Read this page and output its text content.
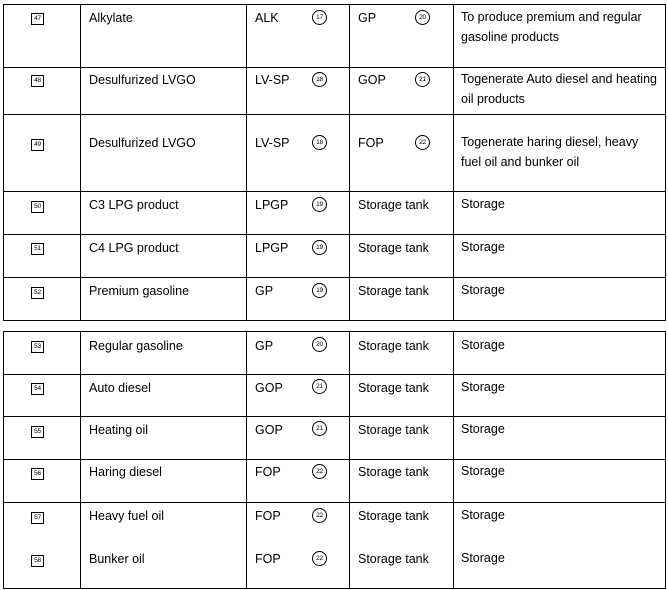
47	Alkylate	ALK 17	GP 20	To produce premium and regular gasoline products

48	Desulfurized LVGO	LV-SP 18	GOP 21	Togenerate Auto diesel and heating oil products

49	Desulfurized LVGO	LV-SP 18	FOP 22	Togenerate haring diesel, heavy fuel oil and bunker oil

50	C3 LPG product	LPGP 19	Storage tank	Storage

51	C4 LPG product	LPGP 19	Storage tank	Storage

52	Premium gasoline	GP 19	Storage tank	Storage
53	Regular gasoline	GP 20	Storage tank	Storage

54	Auto diesel	GOP 21	Storage tank	Storage

55	Heating oil	GOP 21	Storage tank	Storage

56	Haring diesel	FOP 22	Storage tank	Storage

57	Heavy fuel oil	FOP 22	Storage tank	Storage

58	Bunker oil	FOP 22	Storage tank	Storage
